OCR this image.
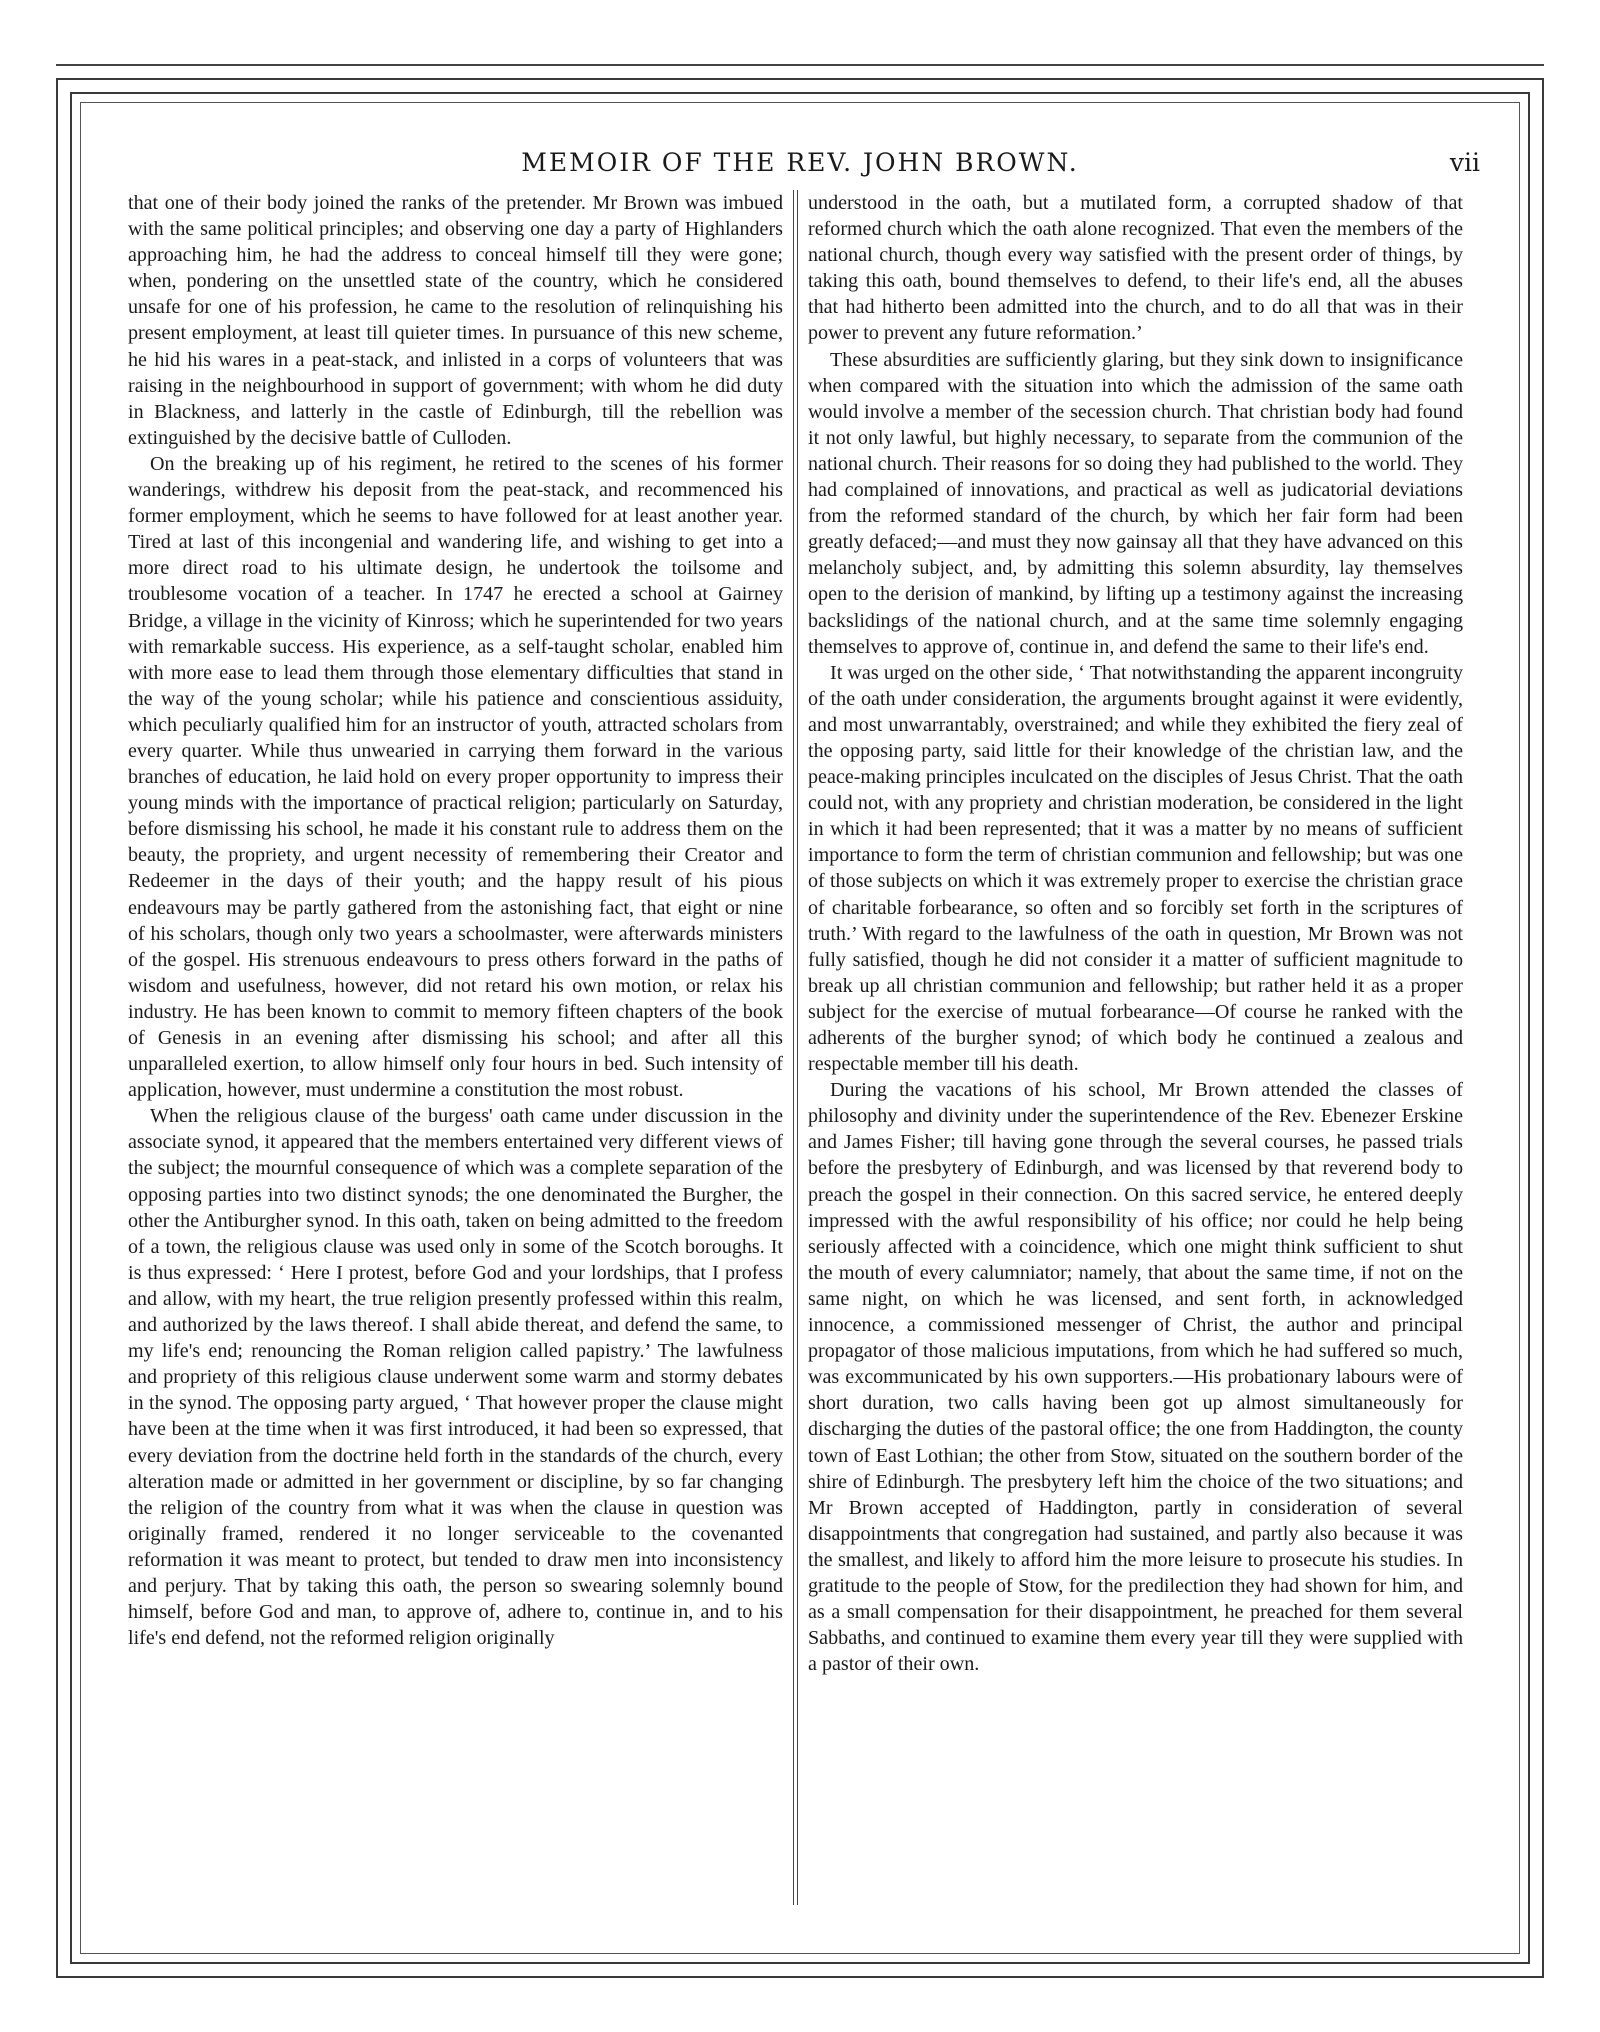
MEMOIR OF THE REV. JOHN BROWN.	vii

that one of their body joined the ranks of the pretender. Mr Brown was imbued with the same political principles; and observing one day a party of Highlanders approaching him, he had the address to conceal himself till they were gone; when, pondering on the unsettled state of the country, which he considered unsafe for one of his profession, he came to the resolution of relinquishing his present employment, at least till quieter times. In pursuance of this new scheme, he hid his wares in a peat-stack, and inlisted in a corps of volunteers that was raising in the neighbourhood in support of government; with whom he did duty in Blackness, and latterly in the castle of Edinburgh, till the rebellion was extinguished by the decisive battle of Culloden.

On the breaking up of his regiment, he retired to the scenes of his former wanderings, withdrew his deposit from the peat-stack, and recommenced his former employment, which he seems to have followed for at least another year. Tired at last of this incongenial and wandering life, and wishing to get into a more direct road to his ultimate design, he undertook the toilsome and troublesome vocation of a teacher. In 1747 he erected a school at Gairney Bridge, a village in the vicinity of Kinross; which he superintended for two years with remarkable success. His experience, as a self-taught scholar, enabled him with more ease to lead them through those elementary difficulties that stand in the way of the young scholar; while his patience and conscientious assiduity, which peculiarly qualified him for an instructor of youth, attracted scholars from every quarter. While thus unwearied in carrying them forward in the various branches of education, he laid hold on every proper opportunity to impress their young minds with the importance of practical religion; particularly on Saturday, before dismissing his school, he made it his constant rule to address them on the beauty, the propriety, and urgent necessity of remembering their Creator and Redeemer in the days of their youth; and the happy result of his pious endeavours may be partly gathered from the astonishing fact, that eight or nine of his scholars, though only two years a schoolmaster, were afterwards ministers of the gospel. His strenuous endeavours to press others forward in the paths of wisdom and usefulness, however, did not retard his own motion, or relax his industry. He has been known to commit to memory fifteen chapters of the book of Genesis in an evening after dismissing his school; and after all this unparalleled exertion, to allow himself only four hours in bed. Such intensity of application, however, must undermine a constitution the most robust.

When the religious clause of the burgess' oath came under discussion in the associate synod, it appeared that the members entertained very different views of the subject; the mournful consequence of which was a complete separation of the opposing parties into two distinct synods; the one denominated the Burgher, the other the Antiburgher synod. In this oath, taken on being admitted to the freedom of a town, the religious clause was used only in some of the Scotch boroughs. It is thus expressed: ‘ Here I protest, before God and your lordships, that I profess and allow, with my heart, the true religion presently professed within this realm, and authorized by the laws thereof. I shall abide thereat, and defend the same, to my life's end; renouncing the Roman religion called papistry.’ The lawfulness and propriety of this religious clause underwent some warm and stormy debates in the synod. The opposing party argued, ‘ That however proper the clause might have been at the time when it was first introduced, it had been so expressed, that every deviation from the doctrine held forth in the standards of the church, every alteration made or admitted in her government or discipline, by so far changing the religion of the country from what it was when the clause in question was originally framed, rendered it no longer serviceable to the covenanted reformation it was meant to protect, but tended to draw men into inconsistency and perjury. That by taking this oath, the person so swearing solemnly bound himself, before God and man, to approve of, adhere to, continue in, and to his life's end defend, not the reformed religion originally

understood in the oath, but a mutilated form, a corrupted shadow of that reformed church which the oath alone recognized. That even the members of the national church, though every way satisfied with the present order of things, by taking this oath, bound themselves to defend, to their life's end, all the abuses that had hitherto been admitted into the church, and to do all that was in their power to prevent any future reformation.’

These absurdities are sufficiently glaring, but they sink down to insignificance when compared with the situation into which the admission of the same oath would involve a member of the secession church. That christian body had found it not only lawful, but highly necessary, to separate from the communion of the national church. Their reasons for so doing they had published to the world. They had complained of innovations, and practical as well as judicatorial deviations from the reformed standard of the church, by which her fair form had been greatly defaced;—and must they now gainsay all that they have advanced on this melancholy subject, and, by admitting this solemn absurdity, lay themselves open to the derision of mankind, by lifting up a testimony against the increasing backslidings of the national church, and at the same time solemnly engaging themselves to approve of, continue in, and defend the same to their life's end.

It was urged on the other side, ‘ That notwithstanding the apparent incongruity of the oath under consideration, the arguments brought against it were evidently, and most unwarrantably, overstrained; and while they exhibited the fiery zeal of the opposing party, said little for their knowledge of the christian law, and the peace-making principles inculcated on the disciples of Jesus Christ. That the oath could not, with any propriety and christian moderation, be considered in the light in which it had been represented; that it was a matter by no means of sufficient importance to form the term of christian communion and fellowship; but was one of those subjects on which it was extremely proper to exercise the christian grace of charitable forbearance, so often and so forcibly set forth in the scriptures of truth.’ With regard to the lawfulness of the oath in question, Mr Brown was not fully satisfied, though he did not consider it a matter of sufficient magnitude to break up all christian communion and fellowship; but rather held it as a proper subject for the exercise of mutual forbearance—Of course he ranked with the adherents of the burgher synod; of which body he continued a zealous and respectable member till his death.

During the vacations of his school, Mr Brown attended the classes of philosophy and divinity under the superintendence of the Rev. Ebenezer Erskine and James Fisher; till having gone through the several courses, he passed trials before the presbytery of Edinburgh, and was licensed by that reverend body to preach the gospel in their connection. On this sacred service, he entered deeply impressed with the awful responsibility of his office; nor could he help being seriously affected with a coincidence, which one might think sufficient to shut the mouth of every calumniator; namely, that about the same time, if not on the same night, on which he was licensed, and sent forth, in acknowledged innocence, a commissioned messenger of Christ, the author and principal propagator of those malicious imputations, from which he had suffered so much, was excommunicated by his own supporters.—His probationary labours were of short duration, two calls having been got up almost simultaneously for discharging the duties of the pastoral office; the one from Haddington, the county town of East Lothian; the other from Stow, situated on the southern border of the shire of Edinburgh. The presbytery left him the choice of the two situations; and Mr Brown accepted of Haddington, partly in consideration of several disappointments that congregation had sustained, and partly also because it was the smallest, and likely to afford him the more leisure to prosecute his studies. In gratitude to the people of Stow, for the predilection they had shown for him, and as a small compensation for their disappointment, he preached for them several Sabbaths, and continued to examine them every year till they were supplied with a pastor of their own.
